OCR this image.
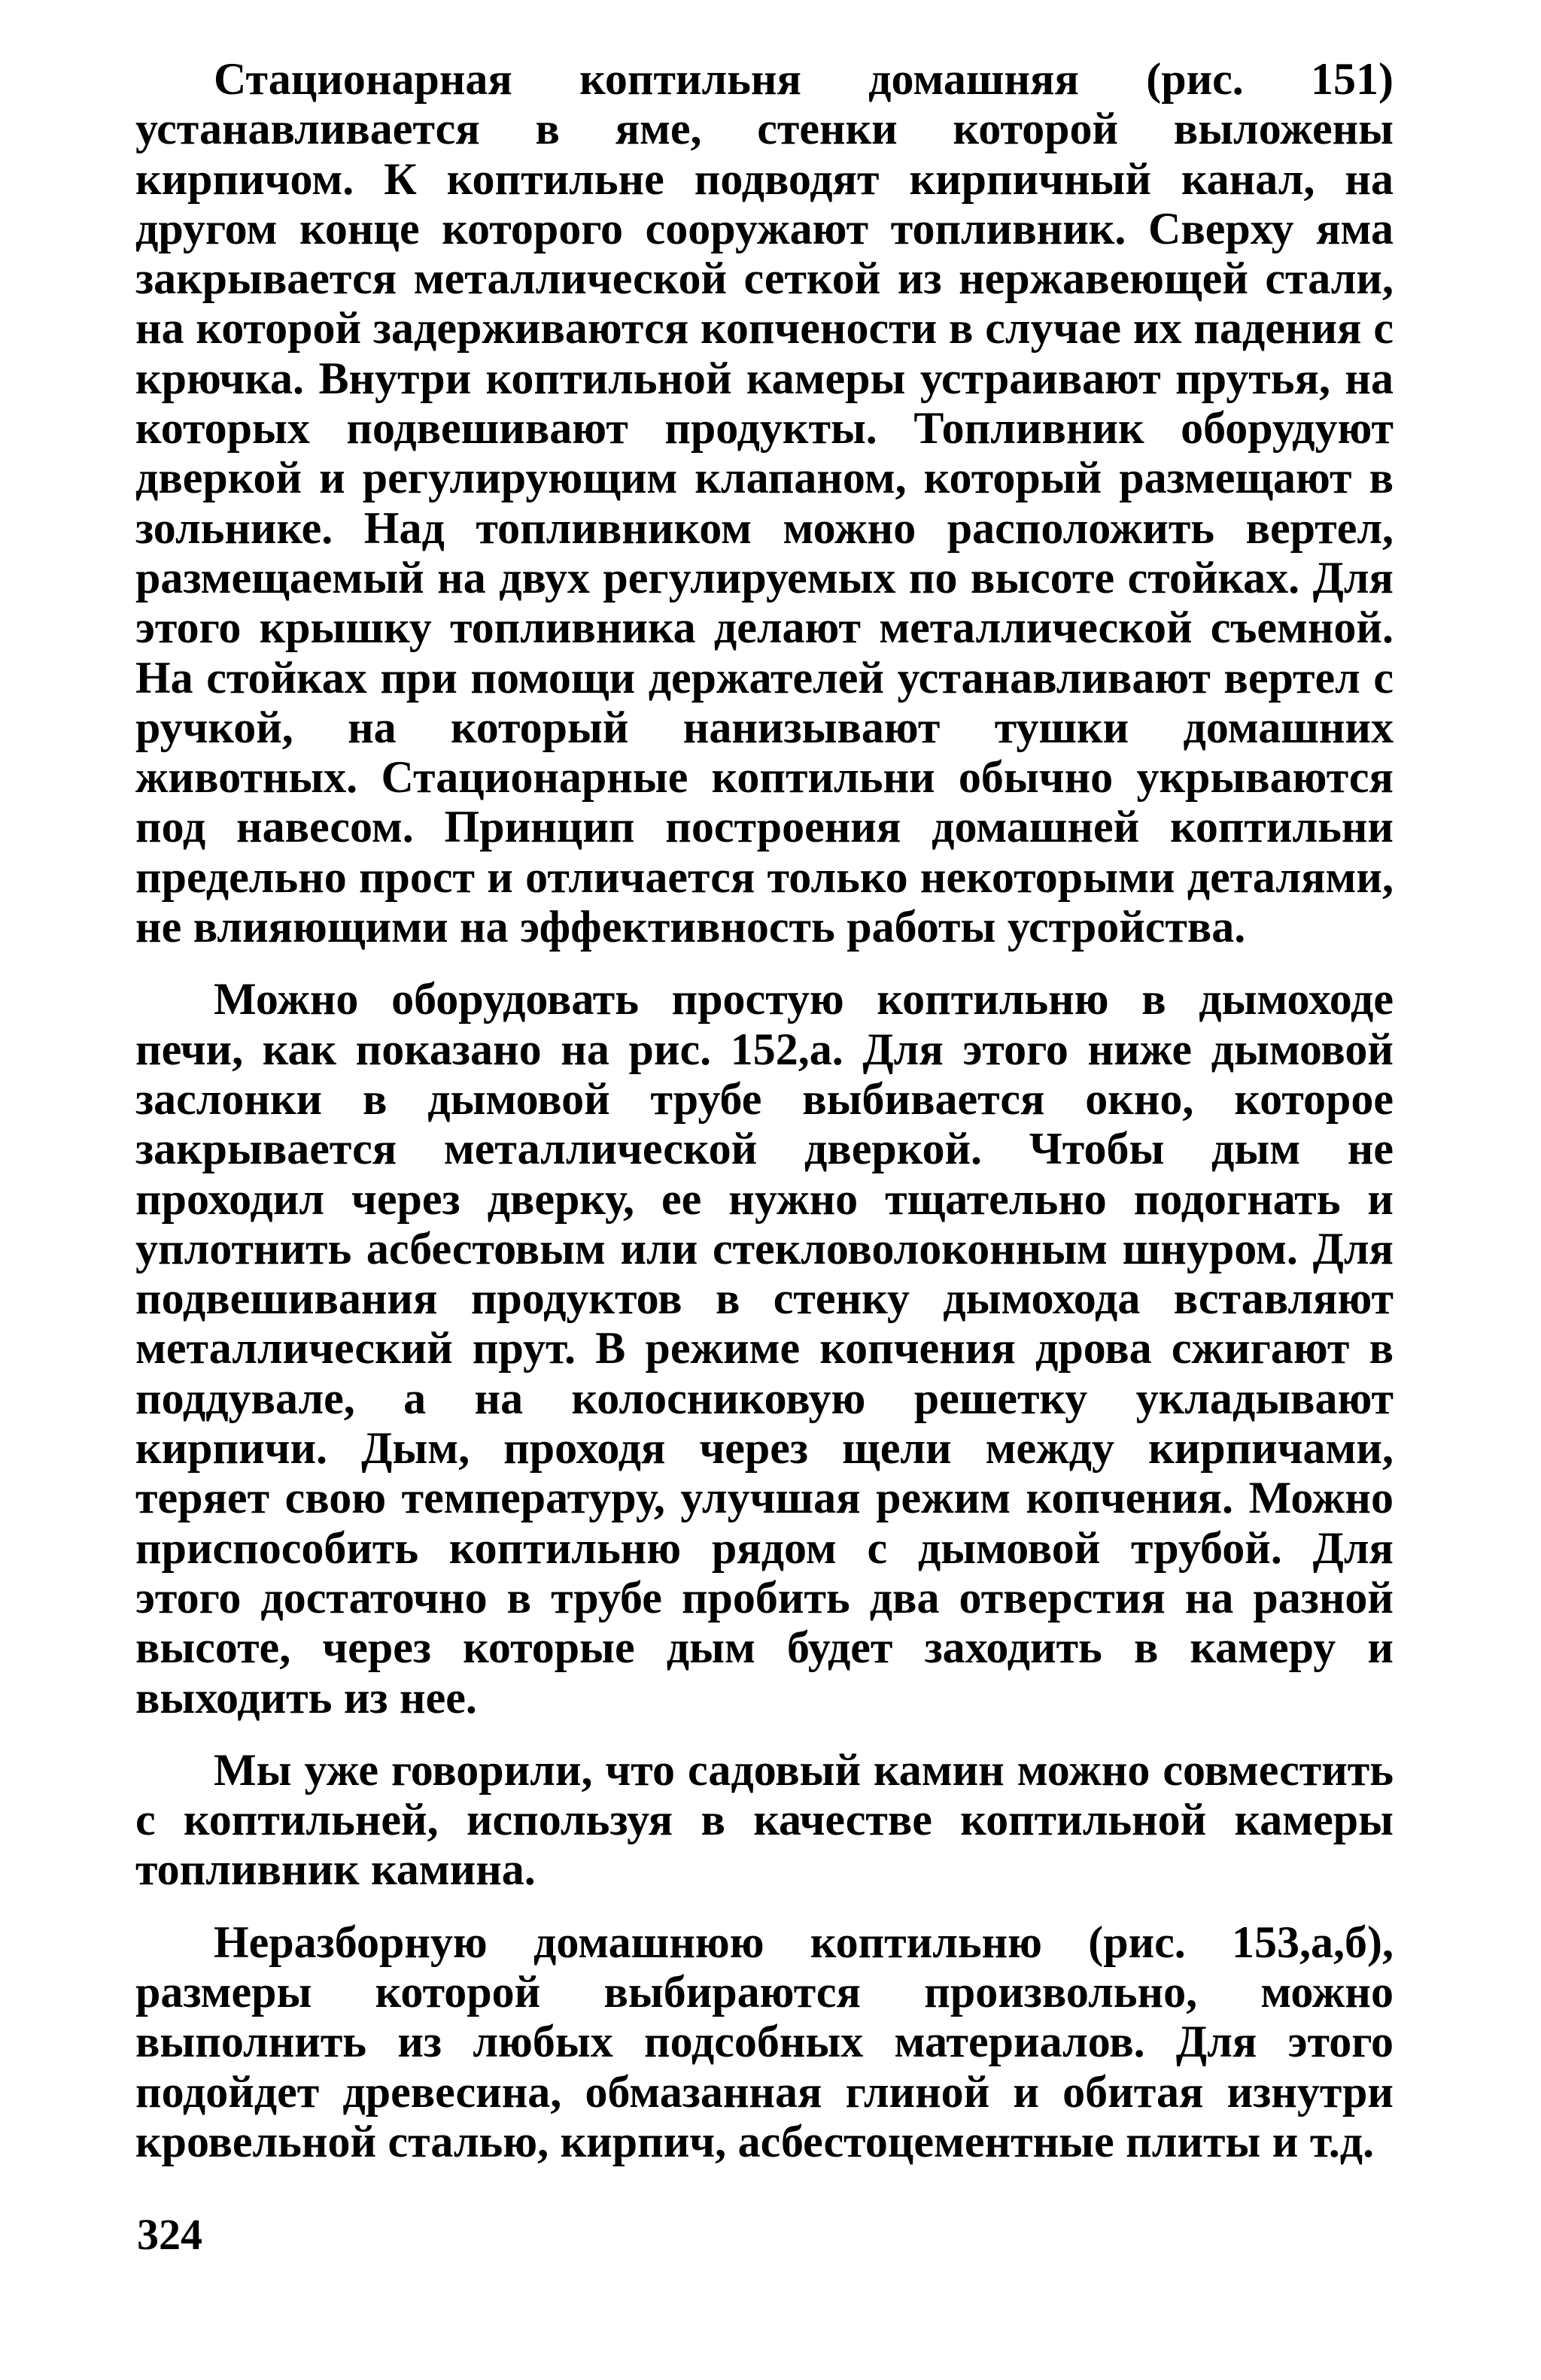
Стационарная коптильня домашняя (рис. 151) устанавливается в яме, стенки которой выложены кирпичом. К коптильне подводят кирпичный канал, на другом конце которого сооружают топливник. Сверху яма закрывается металлической сеткой из нержавеющей стали, на которой задерживаются копчености в случае их падения с крючка. Внутри коптильной камеры устраивают прутья, на которых подвешивают продукты. Топливник оборудуют дверкой и регулирующим клапаном, который размещают в зольнике. Над топливником можно расположить вертел, размещаемый на двух регулируемых по высоте стойках. Для этого крышку топливника делают металлической съемной. На стойках при помощи держателей устанавливают вертел с ручкой, на который нанизывают тушки домашних животных. Стационарные коптильни обычно укрываются под навесом. Принцип построения домашней коптильни предельно прост и отличается только некоторыми деталями, не влияющими на эффективность работы устройства.

Можно оборудовать простую коптильню в дымоходе печи, как показано на рис. 152,а. Для этого ниже дымовой заслонки в дымовой трубе выбивается окно, которое закрывается металлической дверкой. Чтобы дым не проходил через дверку, ее нужно тщательно подогнать и уплотнить асбестовым или стекловолоконным шнуром. Для подвешивания продуктов в стенку дымохода вставляют металлический прут. В режиме копчения дрова сжигают в поддувале, а на колосниковую решетку укладывают кирпичи. Дым, проходя через щели между кирпичами, теряет свою температуру, улучшая режим копчения. Можно приспособить коптильню рядом с дымовой трубой. Для этого достаточно в трубе пробить два отверстия на разной высоте, через которые дым будет заходить в камеру и выходить из нее.

Мы уже говорили, что садовый камин можно совместить с коптильней, используя в качестве коптильной камеры топливник камина.

Неразборную домашнюю коптильню (рис. 153,а,б), размеры которой выбираются произвольно, можно выполнить из любых подсобных материалов. Для этого подойдет древесина, обмазанная глиной и обитая изнутри кровельной сталью, кирпич, асбестоцементные плиты и т.д.

324
